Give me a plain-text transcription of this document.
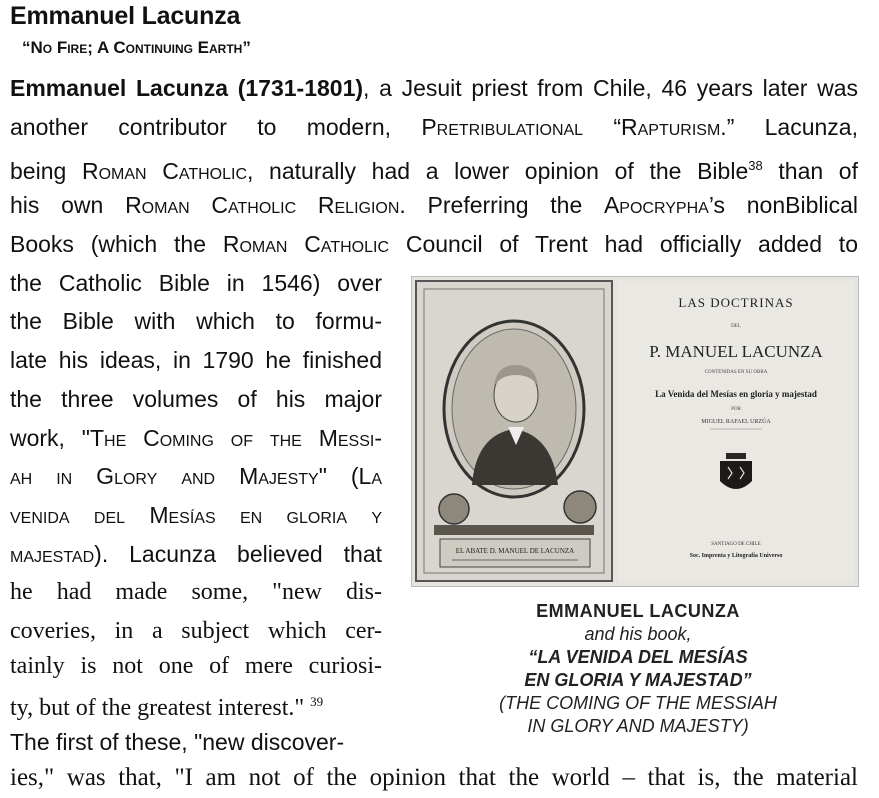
Emmanuel Lacunza
“No Fire; A Continuing Earth”
Emmanuel Lacunza (1731-1801), a Jesuit priest from Chile, 46 years later was
another contributor to modern, Pretribulational “Rapturism.” Lacunza,
being Roman Catholic, naturally had a lower opinion of the Bible$^{38}$ than of
his own Roman Catholic Religion. Preferring the Apocrypha’s nonBiblical
Books (which the Roman Catholic Council of Trent had officially added to
the Catholic Bible in 1546) over
the Bible with which to formu-
late his ideas, in 1790 he finished
the three volumes of his major
work, "The Coming of the Messi-
ah in Glory and Majesty" (La
venida del Mesías en gloria y
majestad). Lacunza believed that
he had made some, "new dis-
coveries, in a subject which cer-
tainly is not one of mere curiosi-
ty, but of the greatest interest." $^{39}$
The first of these, "new discover-
ies," was that, "I am not of the opinion that the world – that is, the material
EL ABATE D. MANUEL DE LACUNZA
LAS DOCTRINAS
DEL
P. MANUEL LACUNZA
CONTENIDAS EN SU OBRA
La Venida del Mesías en gloria y majestad
POR
MIGUEL RAFAEL URZÚA
SANTIAGO DE CHILE
Soc. Imprenta y Litografía Universo
EMMANUEL LACUNZA
and his book,
“LA VENIDA DEL MESÍAS
EN GLORIA Y MAJESTAD”
(THE COMING OF THE MESSIAH
IN GLORY AND MAJESTY)
